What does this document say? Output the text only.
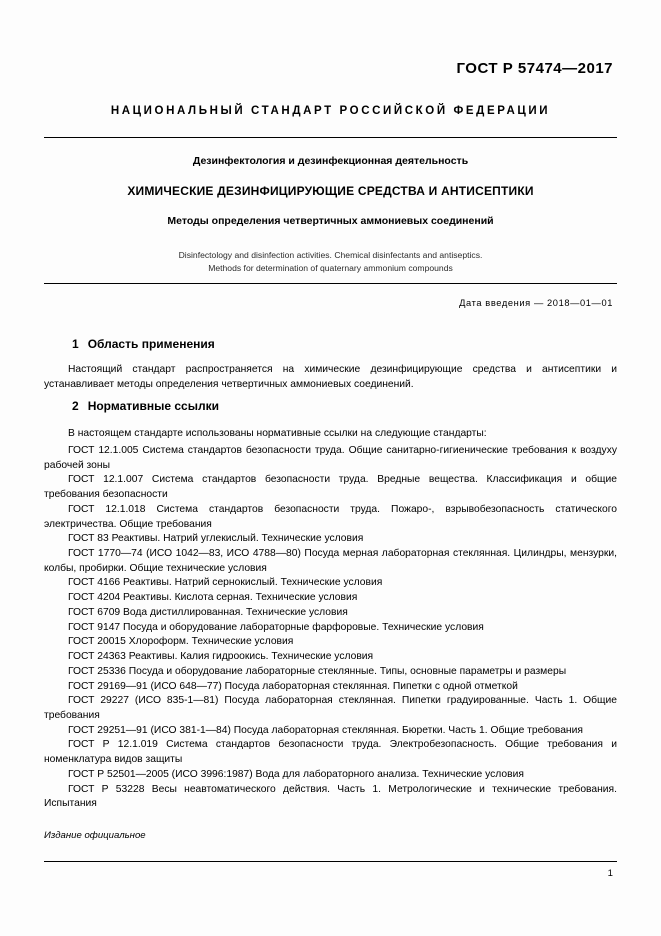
ГОСТ Р 57474—2017
НАЦИОНАЛЬНЫЙ СТАНДАРТ РОССИЙСКОЙ ФЕДЕРАЦИИ
Дезинфектология и дезинфекционная деятельность
ХИМИЧЕСКИЕ ДЕЗИНФИЦИРУЮЩИЕ СРЕДСТВА И АНТИСЕПТИКИ
Методы определения четвертичных аммониевых соединений
Disinfectology and disinfection activities. Chemical disinfectants and antiseptics.
Methods for determination of quaternary ammonium compounds
Дата введения — 2018—01—01
1 Область применения
Настоящий стандарт распространяется на химические дезинфицирующие средства и антисептики и устанавливает методы определения четвертичных аммониевых соединений.
2 Нормативные ссылки
В настоящем стандарте использованы нормативные ссылки на следующие стандарты:
ГОСТ 12.1.005 Система стандартов безопасности труда. Общие санитарно-гигиенические требования к воздуху рабочей зоны
ГОСТ 12.1.007 Система стандартов безопасности труда. Вредные вещества. Классификация и общие требования безопасности
ГОСТ 12.1.018 Система стандартов безопасности труда. Пожаро-, взрывобезопасность статического электричества. Общие требования
ГОСТ 83 Реактивы. Натрий углекислый. Технические условия
ГОСТ 1770—74 (ИСО 1042—83, ИСО 4788—80) Посуда мерная лабораторная стеклянная. Цилиндры, мензурки, колбы, пробирки. Общие технические условия
ГОСТ 4166 Реактивы. Натрий сернокислый. Технические условия
ГОСТ 4204 Реактивы. Кислота серная. Технические условия
ГОСТ 6709 Вода дистиллированная. Технические условия
ГОСТ 9147 Посуда и оборудование лабораторные фарфоровые. Технические условия
ГОСТ 20015 Хлороформ. Технические условия
ГОСТ 24363 Реактивы. Калия гидроокись. Технические условия
ГОСТ 25336 Посуда и оборудование лабораторные стеклянные. Типы, основные параметры и размеры
ГОСТ 29169—91 (ИСО 648—77) Посуда лабораторная стеклянная. Пипетки с одной отметкой
ГОСТ 29227 (ИСО 835-1—81) Посуда лабораторная стеклянная. Пипетки градуированные. Часть 1. Общие требования
ГОСТ 29251—91 (ИСО 381-1—84) Посуда лабораторная стеклянная. Бюретки. Часть 1. Общие требования
ГОСТ Р 12.1.019 Система стандартов безопасности труда. Электробезопасность. Общие требования и номенклатура видов защиты
ГОСТ Р 52501—2005 (ИСО 3996:1987) Вода для лабораторного анализа. Технические условия
ГОСТ Р 53228 Весы неавтоматического действия. Часть 1. Метрологические и технические требования. Испытания
Издание официальное
1
